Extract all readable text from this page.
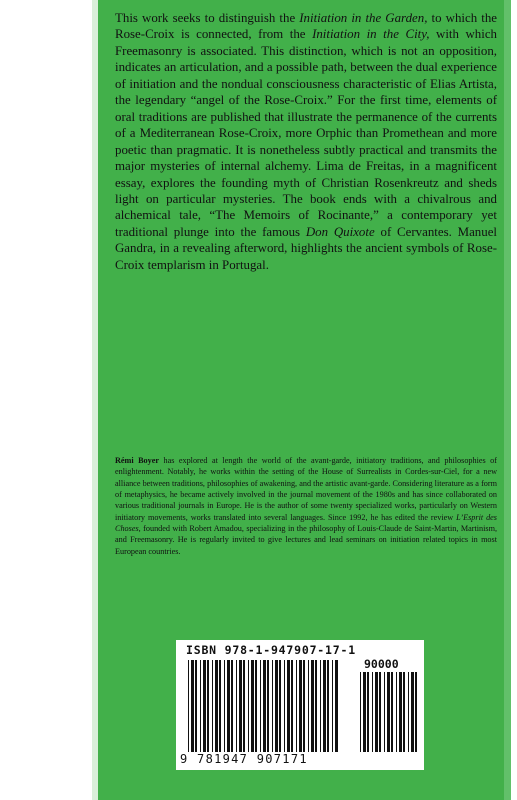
This work seeks to distinguish the Initiation in the Garden, to which the Rose-Croix is connected, from the Initiation in the City, with which Freemasonry is associated. This distinction, which is not an opposition, indicates an articulation, and a possible path, between the dual experience of initiation and the nondual consciousness characteristic of Elias Artista, the legendary “angel of the Rose-Croix.” For the first time, elements of oral traditions are published that illustrate the permanence of the currents of a Mediterranean Rose-Croix, more Orphic than Promethean and more poetic than pragmatic. It is nonetheless subtly practical and transmits the major mysteries of internal alchemy. Lima de Freitas, in a magnificent essay, explores the founding myth of Christian Rosenkreutz and sheds light on particular mysteries. The book ends with a chivalrous and alchemical tale, “The Memoirs of Rocinante,” a contemporary yet traditional plunge into the famous Don Quixote of Cervantes. Manuel Gandra, in a revealing afterword, highlights the ancient symbols of Rose-Croix templarism in Portugal.
Rémi Boyer has explored at length the world of the avant-garde, initiatory traditions, and philosophies of enlightenment. Notably, he works within the setting of the House of Surrealists in Cordes-sur-Ciel, for a new alliance between traditions, philosophies of awakening, and the artistic avant-garde. Considering literature as a form of metaphysics, he became actively involved in the journal movement of the 1980s and has since collaborated on various traditional journals in Europe. He is the author of some twenty specialized works, particularly on Western initiatory movements, works translated into several languages. Since 1992, he has edited the review L’Esprit des Choses, founded with Robert Amadou, specializing in the philosophy of Louis-Claude de Saint-Martin, Martinism, and Freemasonry. He is regularly invited to give lectures and lead seminars on initiation related topics in most European countries.
ISBN 978-1-947907-17-1
90000
9 781947 907171
